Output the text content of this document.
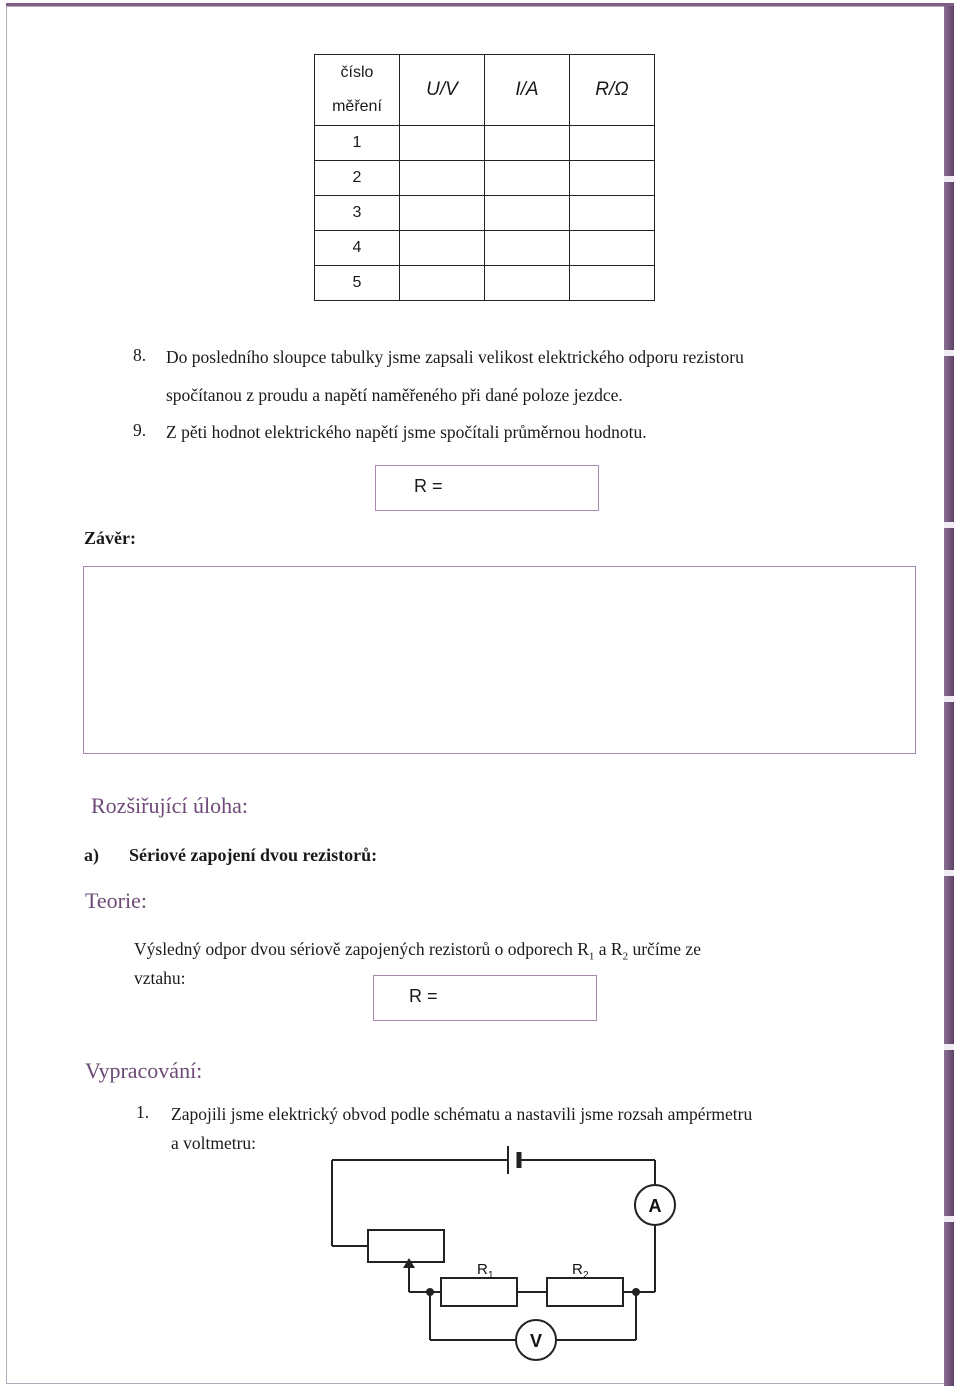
číslo měření	U/V	I/A	R/Ω
1			
2			
3			
4			
5			
8. Do posledního sloupce tabulky jsme zapsali velikost elektrického odporu rezistoru
spočítanou z proudu a napětí naměřeného při dané poloze jezdce.
9. Z pěti hodnot elektrického napětí jsme spočítali průměrnou hodnotu.
R =
Závěr:
Rozšiřující úloha:
a) Sériové zapojení dvou rezistorů:
Teorie:
Výsledný odpor dvou sériově zapojených rezistorů o odporech $R_1$ a $R_2$ určíme ze
vztahu:
R =
Vypracování:
1. Zapojili jsme elektrický obvod podle schématu a nastavili jsme rozsah ampérmetru
a voltmetru:
A
V
R 1	R 2
